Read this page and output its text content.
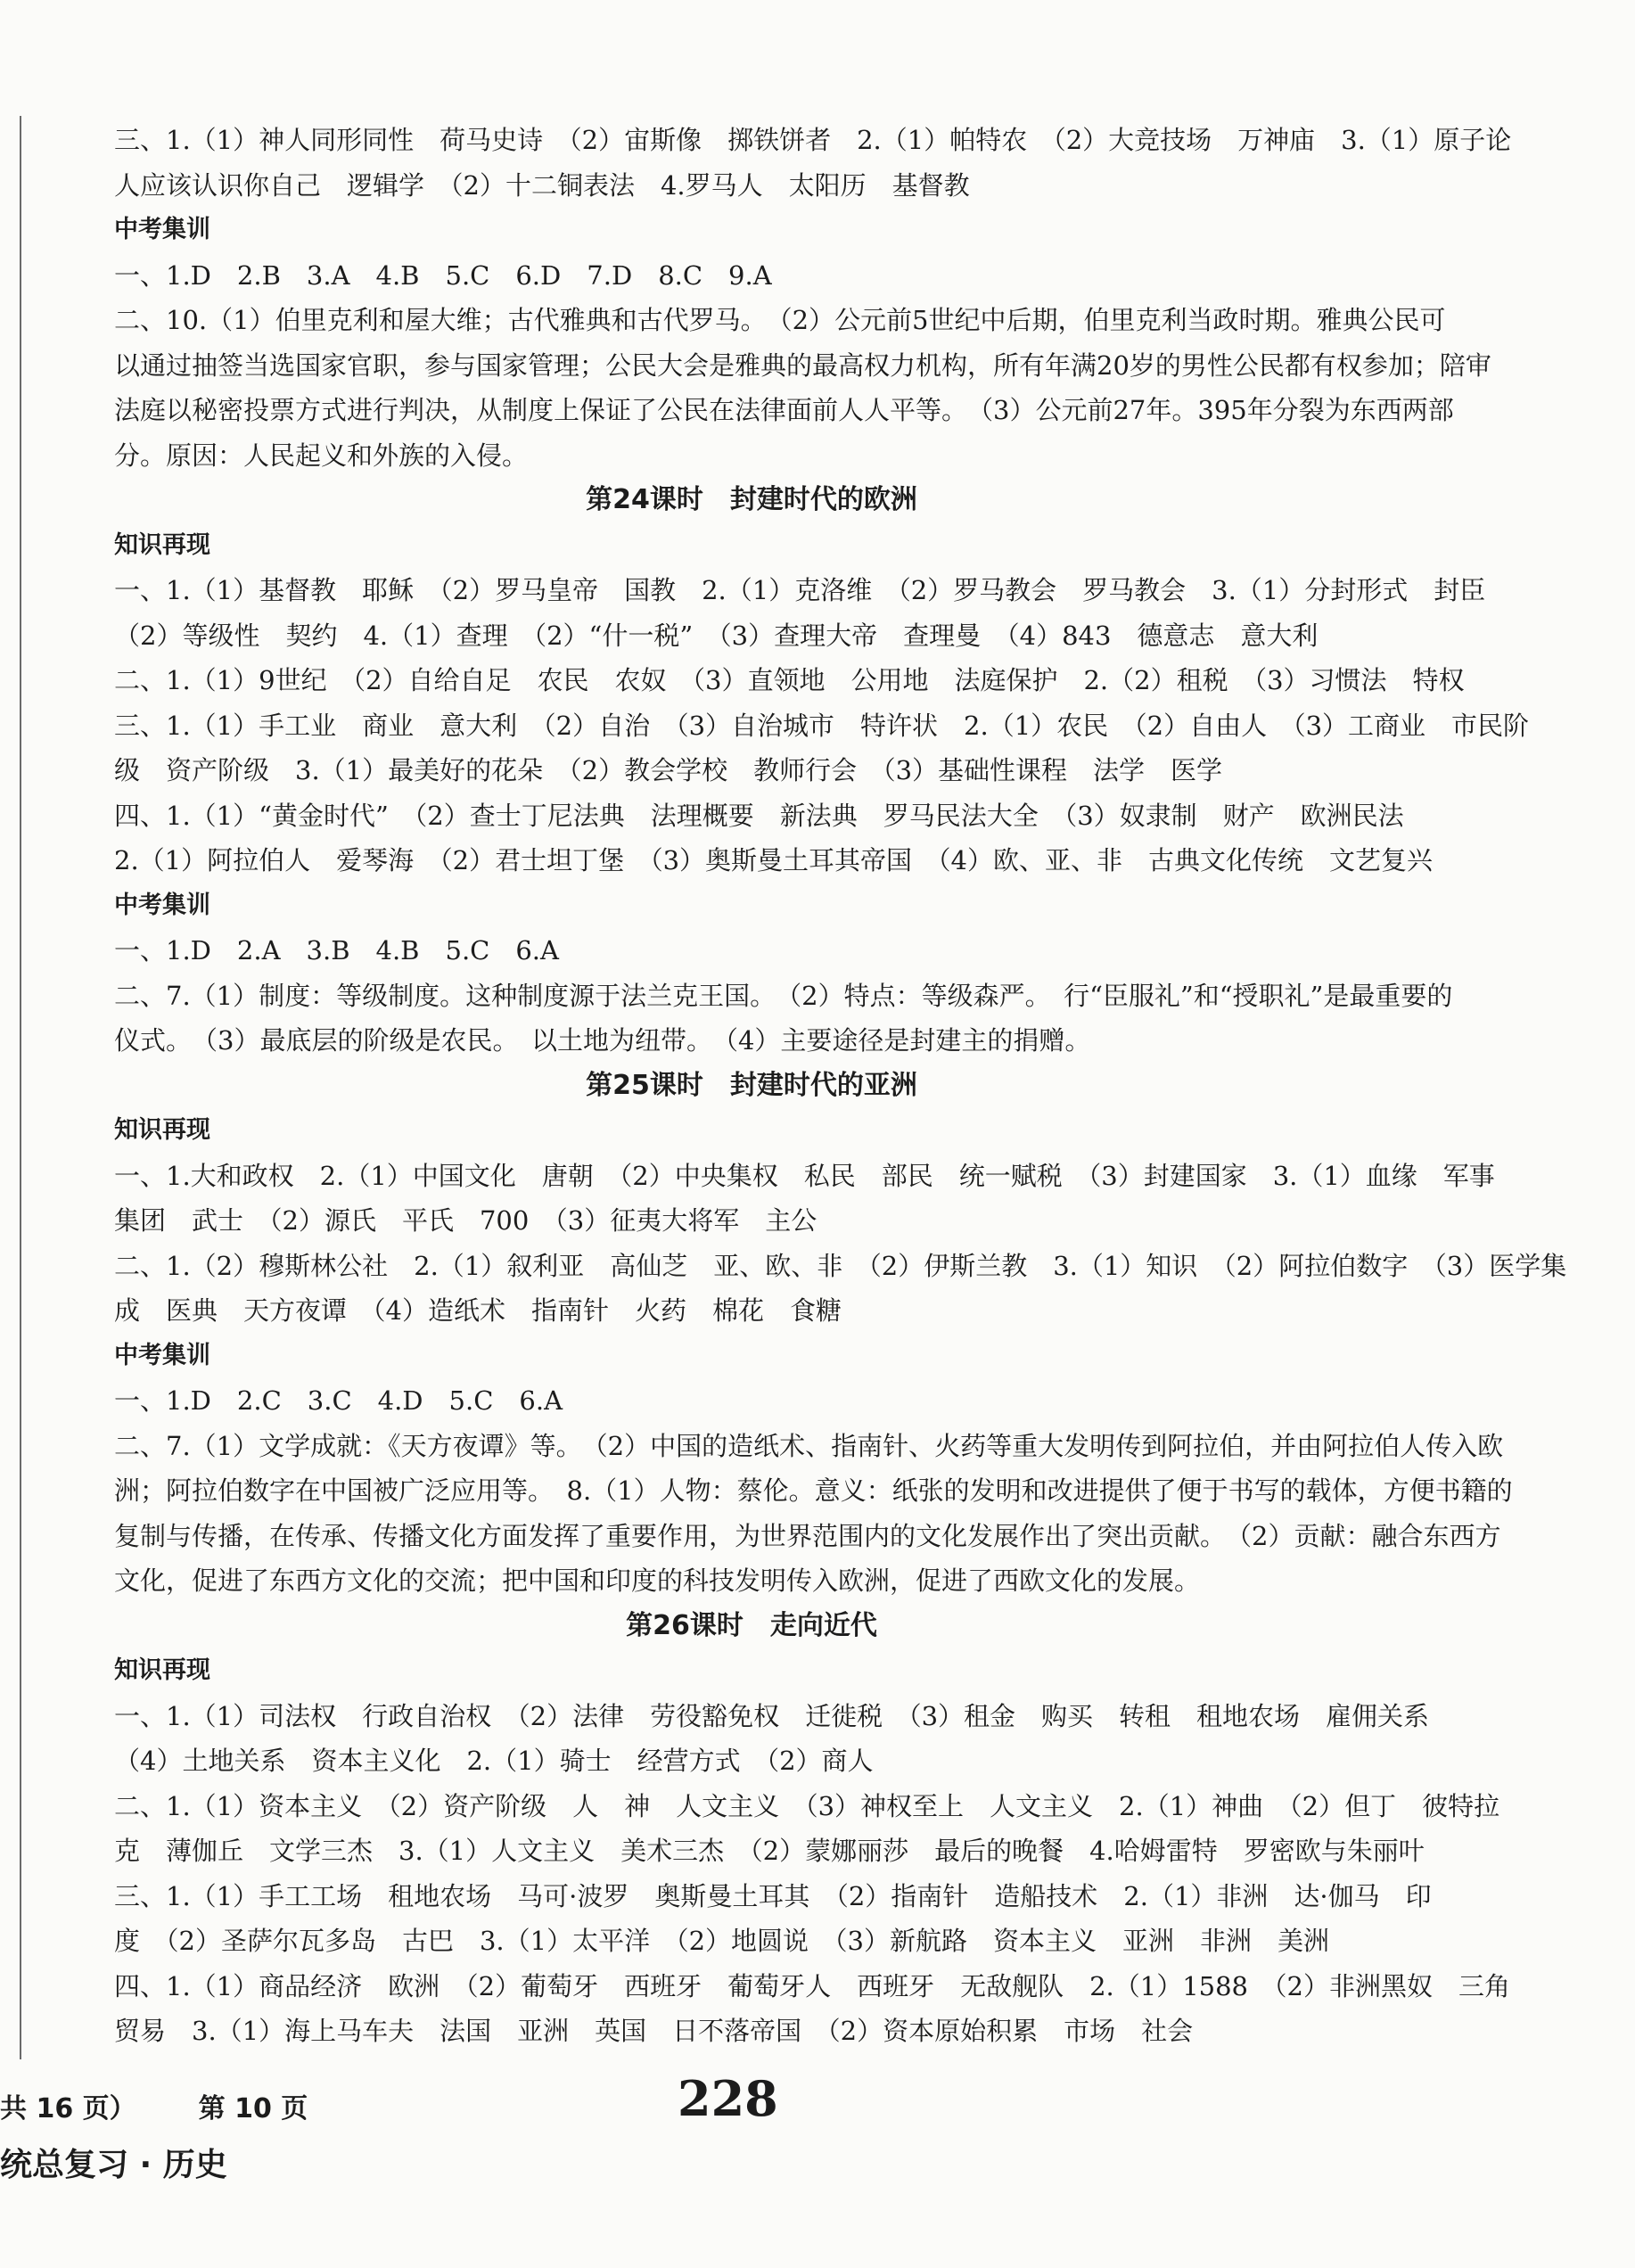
三、1.（1）神人同形同性　荷马史诗　（2）宙斯像　掷铁饼者　2.（1）帕特农　（2）大竞技场　万神庙　3.（1）原子论
人应该认识你自己　逻辑学　（2）十二铜表法　4.罗马人　太阳历　基督教
中考集训
一、1.D　2.B　3.A　4.B　5.C　6.D　7.D　8.C　9.A
二、10.（1）伯里克利和屋大维；古代雅典和古代罗马。　（2）公元前5世纪中后期，伯里克利当政时期。雅典公民可
以通过抽签当选国家官职，参与国家管理；公民大会是雅典的最高权力机构，所有年满20岁的男性公民都有权参加；陪审
法庭以秘密投票方式进行判决，从制度上保证了公民在法律面前人人平等。　（3）公元前27年。395年分裂为东西两部
分。原因：人民起义和外族的入侵。
第24课时　封建时代的欧洲
知识再现
一、1.（1）基督教　耶稣　（2）罗马皇帝　国教　2.（1）克洛维　（2）罗马教会　罗马教会　3.（1）分封形式　封臣
（2）等级性　契约　4.（1）查理　（2）“什一税”　（3）查理大帝　查理曼　（4）843　德意志　意大利
二、1.（1）9世纪　（2）自给自足　农民　农奴　（3）直领地　公用地　法庭保护　2.（2）租税　（3）习惯法　特权
三、1.（1）手工业　商业　意大利　（2）自治　（3）自治城市　特许状　2.（1）农民　（2）自由人　（3）工商业　市民阶
级　资产阶级　3.（1）最美好的花朵　（2）教会学校　教师行会　（3）基础性课程　法学　医学
四、1.（1）“黄金时代”　（2）查士丁尼法典　法理概要　新法典　罗马民法大全　（3）奴隶制　财产　欧洲民法
2.（1）阿拉伯人　爱琴海　（2）君士坦丁堡　（3）奥斯曼土耳其帝国　（4）欧、亚、非　古典文化传统　文艺复兴
中考集训
一、1.D　2.A　3.B　4.B　5.C　6.A
二、7.（1）制度：等级制度。这种制度源于法兰克王国。　（2）特点：等级森严。　行“臣服礼”和“授职礼”是最重要的
仪式。　（3）最底层的阶级是农民。　以土地为纽带。　（4）主要途径是封建主的捐赠。
第25课时　封建时代的亚洲
知识再现
一、1.大和政权　2.（1）中国文化　唐朝　（2）中央集权　私民　部民　统一赋税　（3）封建国家　3.（1）血缘　军事
集团　武士　（2）源氏　平氏　700　（3）征夷大将军　主公
二、1.（2）穆斯林公社　2.（1）叙利亚　高仙芝　亚、欧、非　（2）伊斯兰教　3.（1）知识　（2）阿拉伯数字　（3）医学集
成　医典　天方夜谭　（4）造纸术　指南针　火药　棉花　食糖
中考集训
一、1.D　2.C　3.C　4.D　5.C　6.A
二、7.（1）文学成就：《天方夜谭》等。　（2）中国的造纸术、指南针、火药等重大发明传到阿拉伯，并由阿拉伯人传入欧
洲；阿拉伯数字在中国被广泛应用等。　8.（1）人物：蔡伦。意义：纸张的发明和改进提供了便于书写的载体，方便书籍的
复制与传播，在传承、传播文化方面发挥了重要作用，为世界范围内的文化发展作出了突出贡献。　（2）贡献：融合东西方
文化，促进了东西方文化的交流；把中国和印度的科技发明传入欧洲，促进了西欧文化的发展。
第26课时　走向近代
知识再现
一、1.（1）司法权　行政自治权　（2）法律　劳役豁免权　迁徙税　（3）租金　购买　转租　租地农场　雇佣关系
（4）土地关系　资本主义化　2.（1）骑士　经营方式　（2）商人
二、1.（1）资本主义　（2）资产阶级　人　神　人文主义　（3）神权至上　人文主义　2.（1）神曲　（2）但丁　彼特拉
克　薄伽丘　文学三杰　3.（1）人文主义　美术三杰　（2）蒙娜丽莎　最后的晚餐　4.哈姆雷特　罗密欧与朱丽叶
三、1.（1）手工工场　租地农场　马可·波罗　奥斯曼土耳其　（2）指南针　造船技术　2.（1）非洲　达·伽马　印
度　（2）圣萨尔瓦多岛　古巴　3.（1）太平洋　（2）地圆说　（3）新航路　资本主义　亚洲　非洲　美洲
四、1.（1）商品经济　欧洲　（2）葡萄牙　西班牙　葡萄牙人　西班牙　无敌舰队　2.（1）1588　（2）非洲黑奴　三角
贸易　3.（1）海上马车夫　法国　亚洲　英国　日不落帝国　（2）资本原始积累　市场　社会
共 16 页） 第 10 页	228
统总复习 · 历史
